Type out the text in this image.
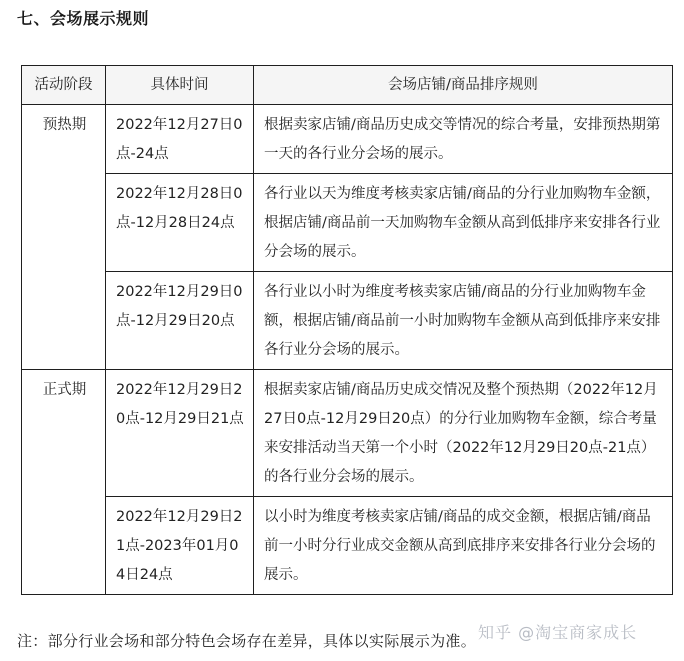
七、会场展示规则
活动阶段	具体时间	会场店铺/商品排序规则
预热期	2022年12月27日0点-24点	根据卖家店铺/商品历史成交等情况的综合考量，安排预热期第一天的各行业分会场的展示。
	2022年12月28日0点-12月28日24点	各行业以天为维度考核卖家店铺/商品的分行业加购物车金额，根据店铺/商品前一天加购物车金额从高到低排序来安排各行业分会场的展示。
	2022年12月29日0点-12月29日20点	各行业以小时为维度考核卖家店铺/商品的分行业加购物车金额，根据店铺/商品前一小时加购物车金额从高到低排序来安排各行业分会场的展示。
正式期	2022年12月29日20点-12月29日21点	根据卖家店铺/商品历史成交情况及整个预热期（2022年12月27日0点-12月29日20点）的分行业加购物车金额，综合考量来安排活动当天第一个小时（2022年12月29日20点-21点）的各行业分会场的展示。
	2022年12月29日21点-2023年01月04日24点	以小时为维度考核卖家店铺/商品的成交金额，根据店铺/商品前一小时分行业成交金额从高到底排序来安排各行业分会场的展示。
注：部分行业会场和部分特色会场存在差异，具体以实际展示为准。 知乎 @淘宝商家成长
